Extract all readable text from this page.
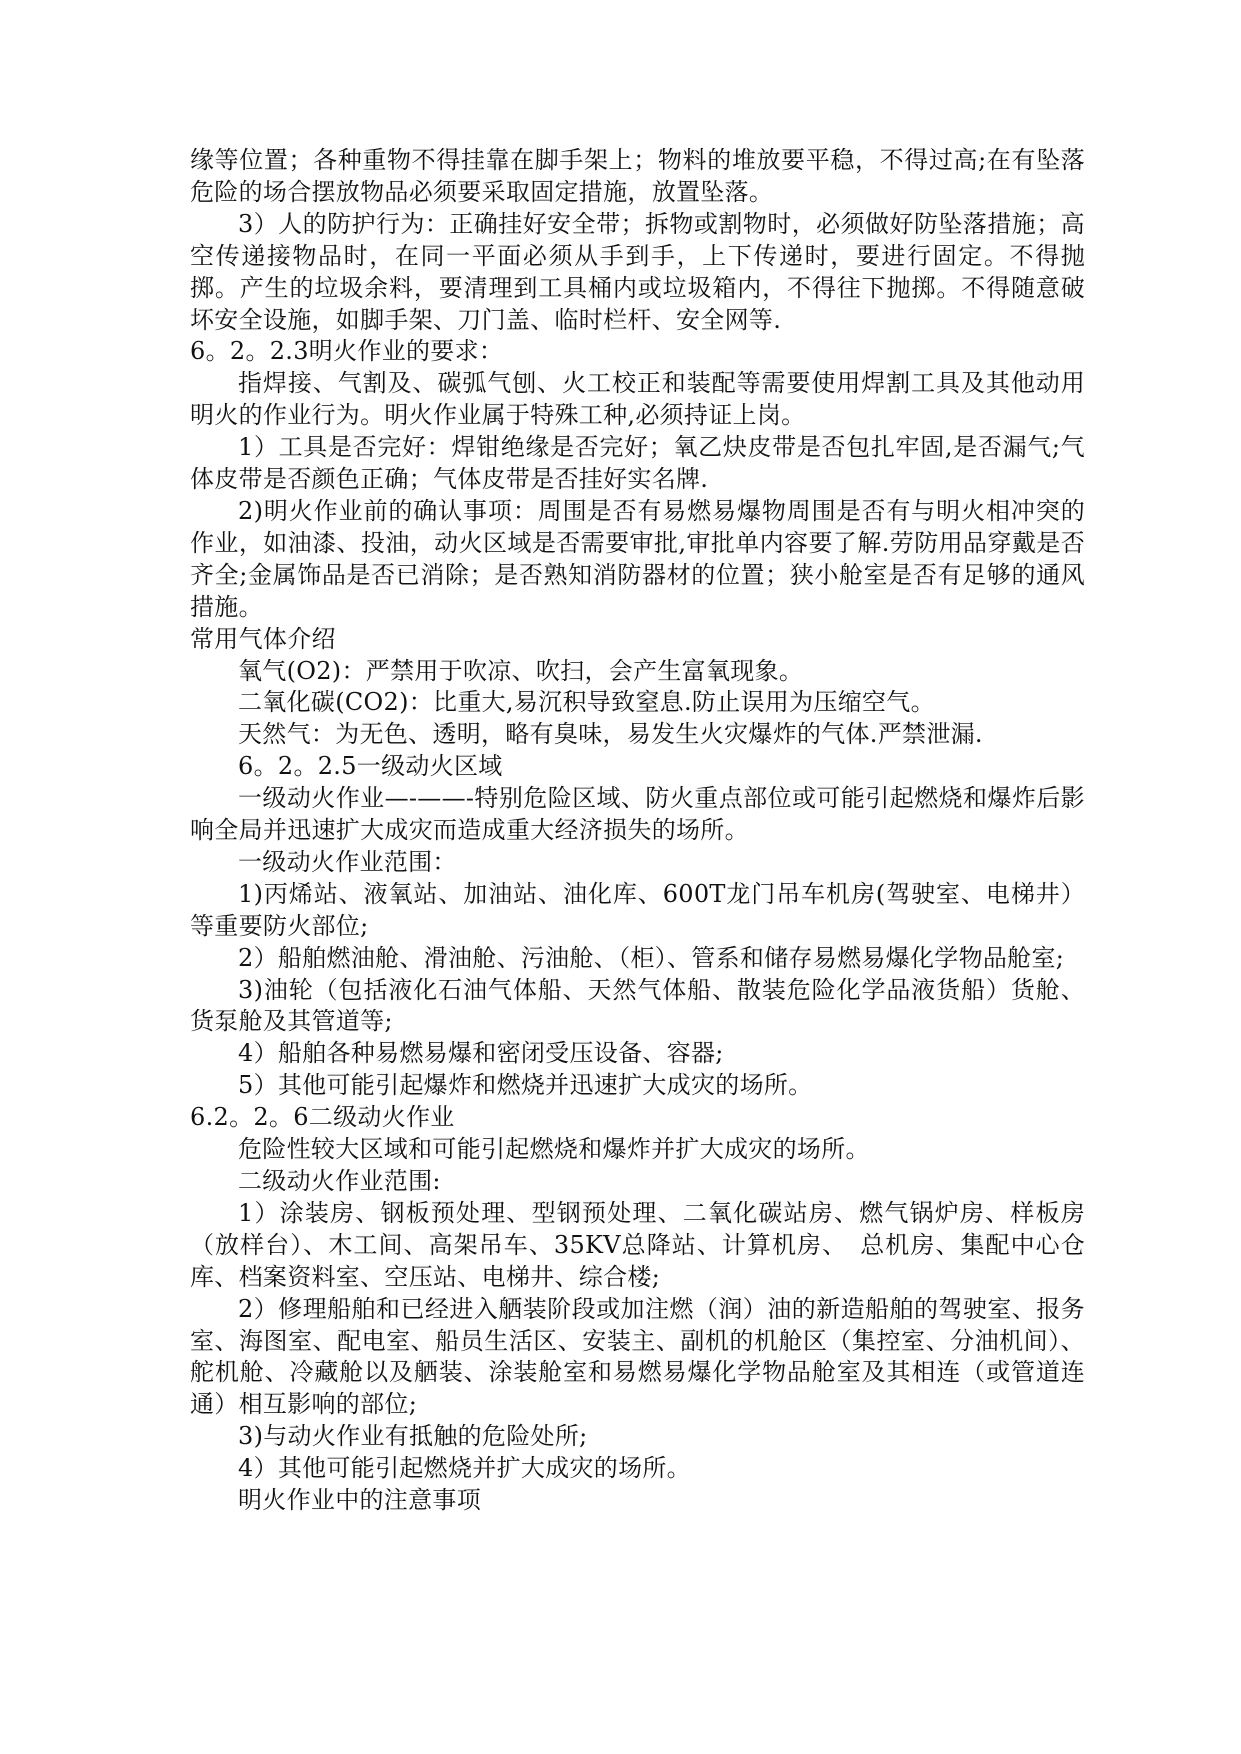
缘等位置；各种重物不得挂靠在脚手架上；物料的堆放要平稳，不得过高;在有坠落危险的场合摆放物品必须要采取固定措施，放置坠落。

3）人的防护行为：正确挂好安全带；拆物或割物时，必须做好防坠落措施；高空传递接物品时，在同一平面必须从手到手，上下传递时，要进行固定。不得抛掷。产生的垃圾余料，要清理到工具桶内或垃圾箱内，不得往下抛掷。不得随意破坏安全设施，如脚手架、刀门盖、临时栏杆、安全网等.

6。2。2.3明火作业的要求：

指焊接、气割及、碳弧气刨、火工校正和装配等需要使用焊割工具及其他动用明火的作业行为。明火作业属于特殊工种,必须持证上岗。

1）工具是否完好：焊钳绝缘是否完好；氧乙炔皮带是否包扎牢固,是否漏气;气体皮带是否颜色正确；气体皮带是否挂好实名牌.

2)明火作业前的确认事项：周围是否有易燃易爆物周围是否有与明火相冲突的作业，如油漆、投油，动火区域是否需要审批,审批单内容要了解.劳防用品穿戴是否齐全;金属饰品是否已消除；是否熟知消防器材的位置；狭小舱室是否有足够的通风措施。

常用气体介绍

氧气(O2)：严禁用于吹凉、吹扫，会产生富氧现象。

二氧化碳(CO2)：比重大,易沉积导致窒息.防止误用为压缩空气。

天然气：为无色、透明，略有臭味，易发生火灾爆炸的气体.严禁泄漏.

6。2。2.5一级动火区域

一级动火作业—-——-特别危险区域、防火重点部位或可能引起燃烧和爆炸后影响全局并迅速扩大成灾而造成重大经济损失的场所。

一级动火作业范围：

1)丙烯站、液氧站、加油站、油化库、600T龙门吊车机房(驾驶室、电梯井）等重要防火部位;

2）船舶燃油舱、滑油舱、污油舱、（柜）、管系和储存易燃易爆化学物品舱室;

3)油轮（包括液化石油气体船、天然气体船、散装危险化学品液货船）货舱、货泵舱及其管道等;

4）船舶各种易燃易爆和密闭受压设备、容器;

5）其他可能引起爆炸和燃烧并迅速扩大成灾的场所。

6.2。2。6二级动火作业

危险性较大区域和可能引起燃烧和爆炸并扩大成灾的场所。

二级动火作业范围:

1）涂装房、钢板预处理、型钢预处理、二氧化碳站房、燃气锅炉房、样板房（放样台）、木工间、高架吊车、35KV总降站、计算机房、　总机房、集配中心仓库、档案资料室、空压站、电梯井、综合楼;

2）修理船舶和已经进入舾装阶段或加注燃（润）油的新造船舶的驾驶室、报务室、海图室、配电室、船员生活区、安装主、副机的机舱区（集控室、分油机间）、舵机舱、冷藏舱以及舾装、涂装舱室和易燃易爆化学物品舱室及其相连（或管道连通）相互影响的部位;

3)与动火作业有抵触的危险处所;

4）其他可能引起燃烧并扩大成灾的场所。

明火作业中的注意事项
